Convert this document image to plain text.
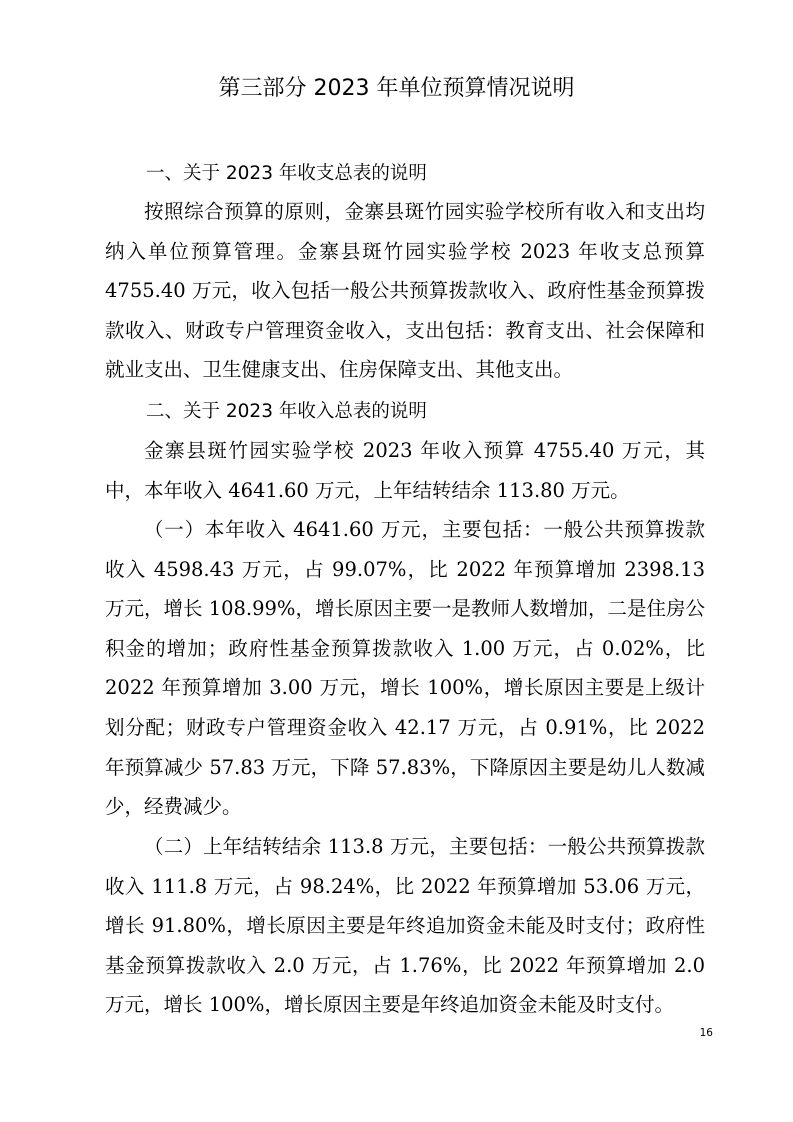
第三部分 2023 年单位预算情况说明
一、关于 2023 年收支总表的说明

按照综合预算的原则，金寨县斑竹园实验学校所有收入和支出均纳入单位预算管理。金寨县斑竹园实验学校 2023 年收支总预算 4755.40 万元，收入包括一般公共预算拨款收入、政府性基金预算拨款收入、财政专户管理资金收入，支出包括：教育支出、社会保障和就业支出、卫生健康支出、住房保障支出、其他支出。

二、关于 2023 年收入总表的说明

金寨县斑竹园实验学校 2023 年收入预算 4755.40 万元，其中，本年收入 4641.60 万元，上年结转结余 113.80 万元。

（一）本年收入 4641.60 万元，主要包括：一般公共预算拨款收入 4598.43 万元，占 99.07%，比 2022 年预算增加 2398.13 万元，增长 108.99%，增长原因主要一是教师人数增加，二是住房公积金的增加；政府性基金预算拨款收入 1.00 万元，占 0.02%，比 2022 年预算增加 3.00 万元，增长 100%，增长原因主要是上级计划分配；财政专户管理资金收入 42.17 万元，占 0.91%，比 2022 年预算减少 57.83 万元，下降 57.83%，下降原因主要是幼儿人数减少，经费减少。

（二）上年结转结余 113.8 万元，主要包括：一般公共预算拨款收入 111.8 万元，占 98.24%，比 2022 年预算增加 53.06 万元，增长 91.80%，增长原因主要是年终追加资金未能及时支付；政府性基金预算拨款收入 2.0 万元，占 1.76%，比 2022 年预算增加 2.0 万元，增长 100%，增长原因主要是年终追加资金未能及时支付。

16
